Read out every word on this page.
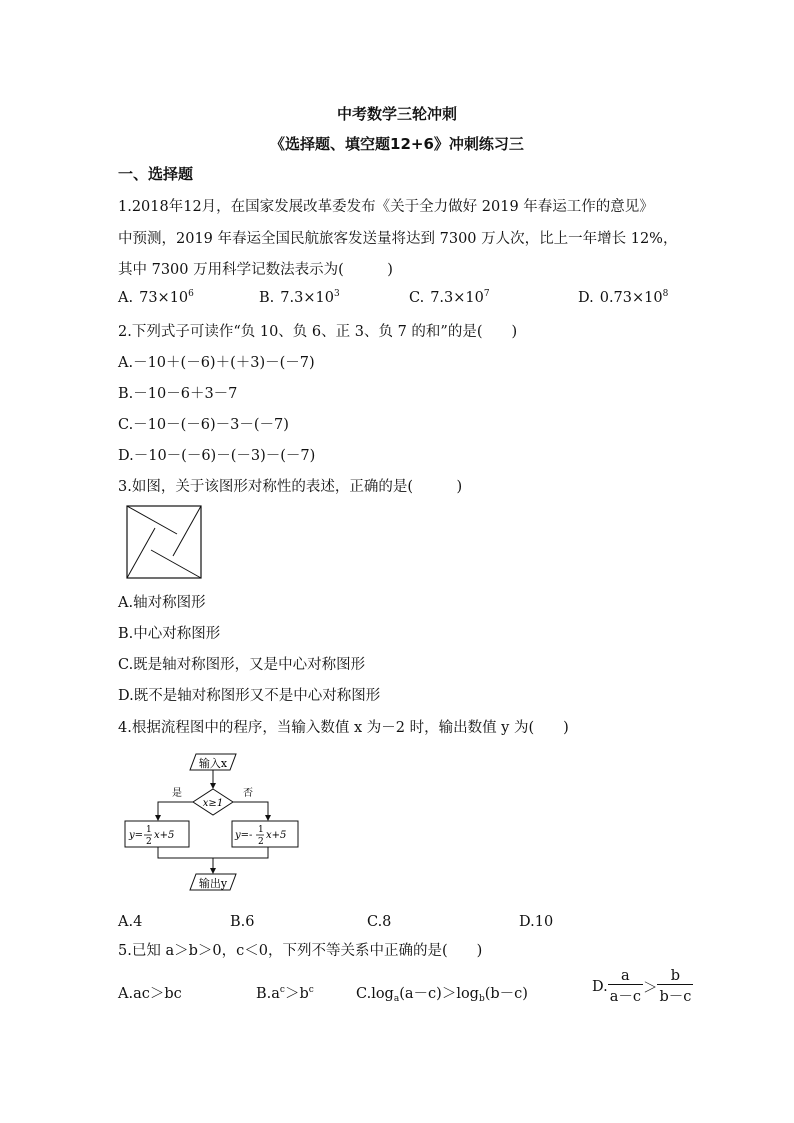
中考数学三轮冲刺
《选择题、填空题12+6》冲刺练习三
一、选择题
1.2018年12月，在国家发展改革委发布《关于全力做好 2019 年春运工作的意见》
中预测，2019 年春运全国民航旅客发送量将达到 7300 万人次，比上一年增长 12%，
其中 7300 万用科学记数法表示为(　　　)
A. $73\times 10^6$	B. $7.3\times 10^3$	C. $7.3\times 10^7$	D. $0.73\times 10^8$
2.下列式子可读作“负 10、负 6、正 3、负 7 的和”的是(　　)
A.－10＋(－6)＋(＋3)－(－7)
B.－10－6＋3－7
C.－10－(－6)－3－(－7)
D.－10－(－6)－(－3)－(－7)
3.如图，关于该图形对称性的表述，正确的是(　　　)
A.轴对称图形
B.中心对称图形
C.既是轴对称图形，又是中心对称图形
D.既不是轴对称图形又不是中心对称图形
4.根据流程图中的程序，当输入数值 x 为－2 时，输出数值 y 为(　　)
输入x
x≥1
是	否
y= 1
2
x+5	y= - 1
2
x+5
输出y
A.4	B.6	C.8	D.10
5.已知 a＞b＞0，c＜0，下列不等关系中正确的是(　　)
A.ac＞bc	$B.a^c>b^c$	$C.\log_a(a-c)>\log_b(b-c)$	D. $\frac{a}{a-c} > \frac{b}{b-c}$
